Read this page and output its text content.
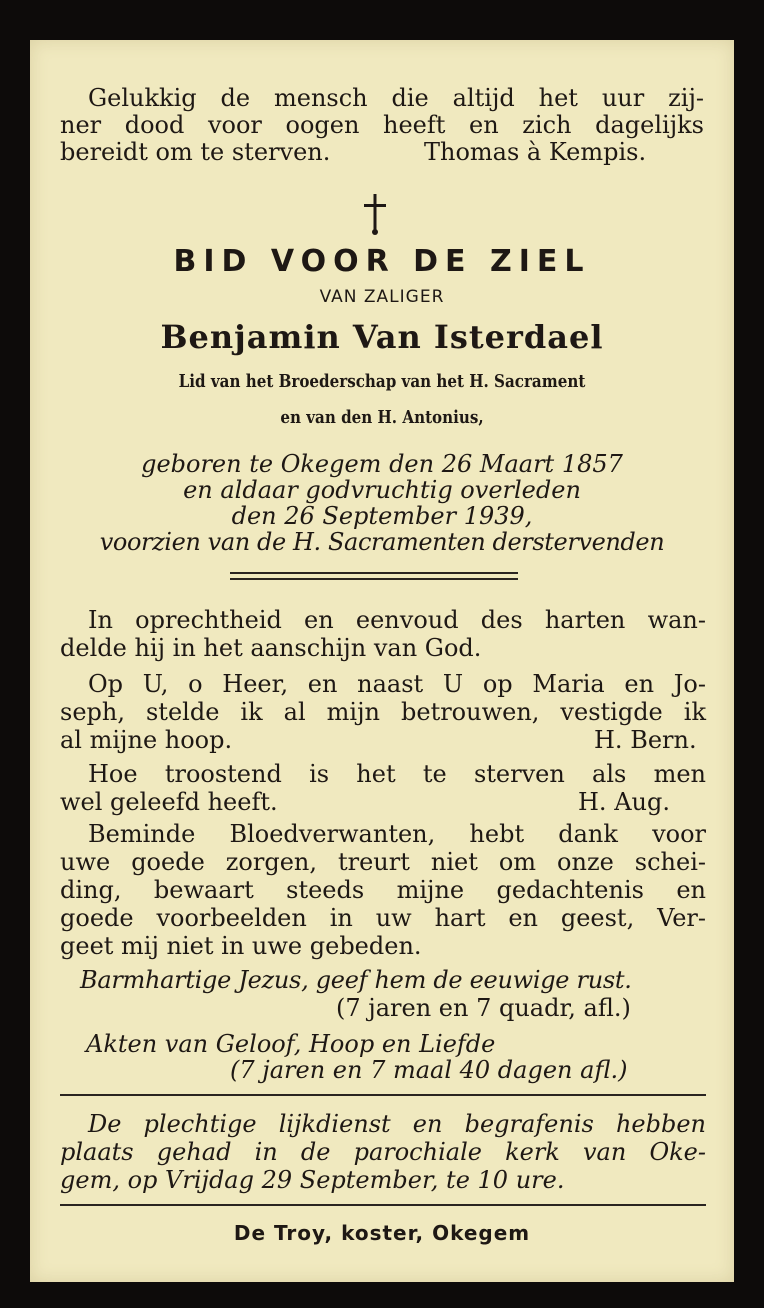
Gelukkig de mensch die altijd het uur zij-
ner dood voor oogen heeft en zich dagelijks
bereidt om te sterven.	Thomas à Kempis.
BID VOOR DE ZIEL
VAN ZALIGER
Benjamin Van Isterdael
Lid van het Broederschap van het H. Sacrament
en van den H. Antonius,
geboren te Okegem den 26 Maart 1857
en aldaar godvruchtig overleden
den 26 September 1939,
voorzien van de H. Sacramenten derstervenden
In oprechtheid en eenvoud des harten wan-
delde hij in het aanschijn van God.
Op U, o Heer, en naast U op Maria en Jo-
seph, stelde ik al mijn betrouwen, vestigde ik
al mijne hoop.	H. Bern.
Hoe troostend is het te sterven als men
wel geleefd heeft.	H. Aug.
Beminde Bloedverwanten, hebt dank voor
uwe goede zorgen, treurt niet om onze schei-
ding, bewaart steeds mijne gedachtenis en
goede voorbeelden in uw hart en geest, Ver-
geet mij niet in uwe gebeden.
Barmhartige Jezus, geef hem de eeuwige rust.
(7 jaren en 7 quadr, afl.)
Akten van Geloof, Hoop en Liefde
(7 jaren en 7 maal 40 dagen afl.)
De plechtige lijkdienst en begrafenis hebben
plaats gehad in de parochiale kerk van Oke-
gem, op Vrijdag 29 September, te 10 ure.
De Troy, koster, Okegem
